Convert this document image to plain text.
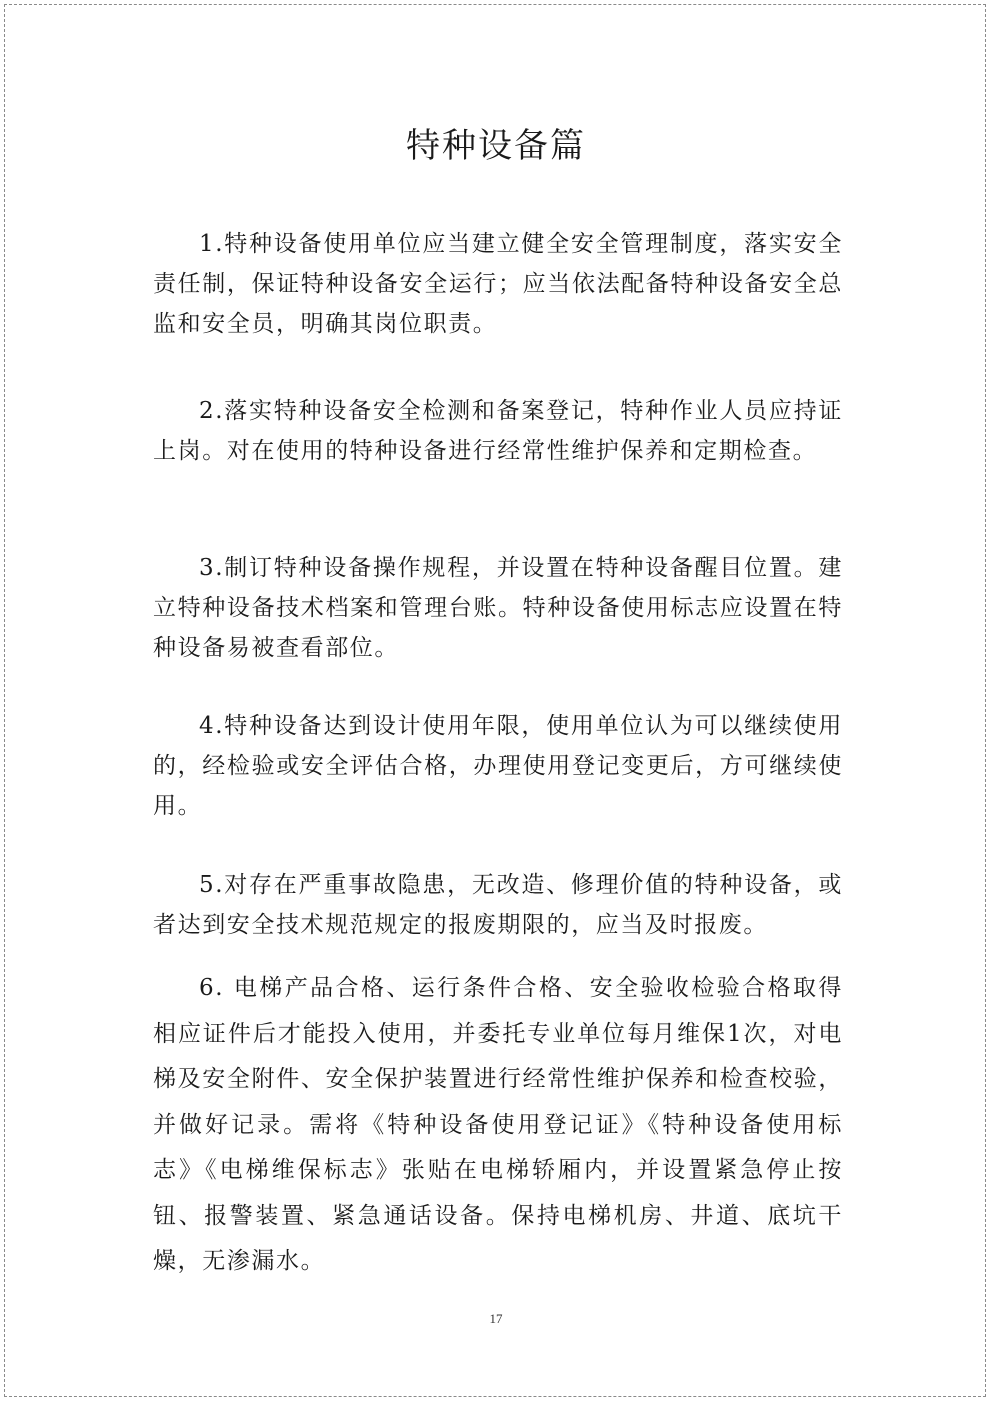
特种设备篇

1.特种设备使用单位应当建立健全安全管理制度，落实安全责任制，保证特种设备安全运行；应当依法配备特种设备安全总监和安全员，明确其岗位职责。

2.落实特种设备安全检测和备案登记，特种作业人员应持证上岗。对在使用的特种设备进行经常性维护保养和定期检查。

3.制订特种设备操作规程，并设置在特种设备醒目位置。建立特种设备技术档案和管理台账。特种设备使用标志应设置在特种设备易被查看部位。

4.特种设备达到设计使用年限，使用单位认为可以继续使用的，经检验或安全评估合格，办理使用登记变更后，方可继续使用。

5.对存在严重事故隐患，无改造、修理价值的特种设备，或者达到安全技术规范规定的报废期限的，应当及时报废。

6. 电梯产品合格、运行条件合格、安全验收检验合格取得相应证件后才能投入使用，并委托专业单位每月维保1次，对电梯及安全附件、安全保护装置进行经常性维护保养和检查校验，并做好记录。需将《特种设备使用登记证》《特种设备使用标志》《电梯维保标志》张贴在电梯轿厢内，并设置紧急停止按钮、报警装置、紧急通话设备。保持电梯机房、井道、底坑干燥，无渗漏水。

17
